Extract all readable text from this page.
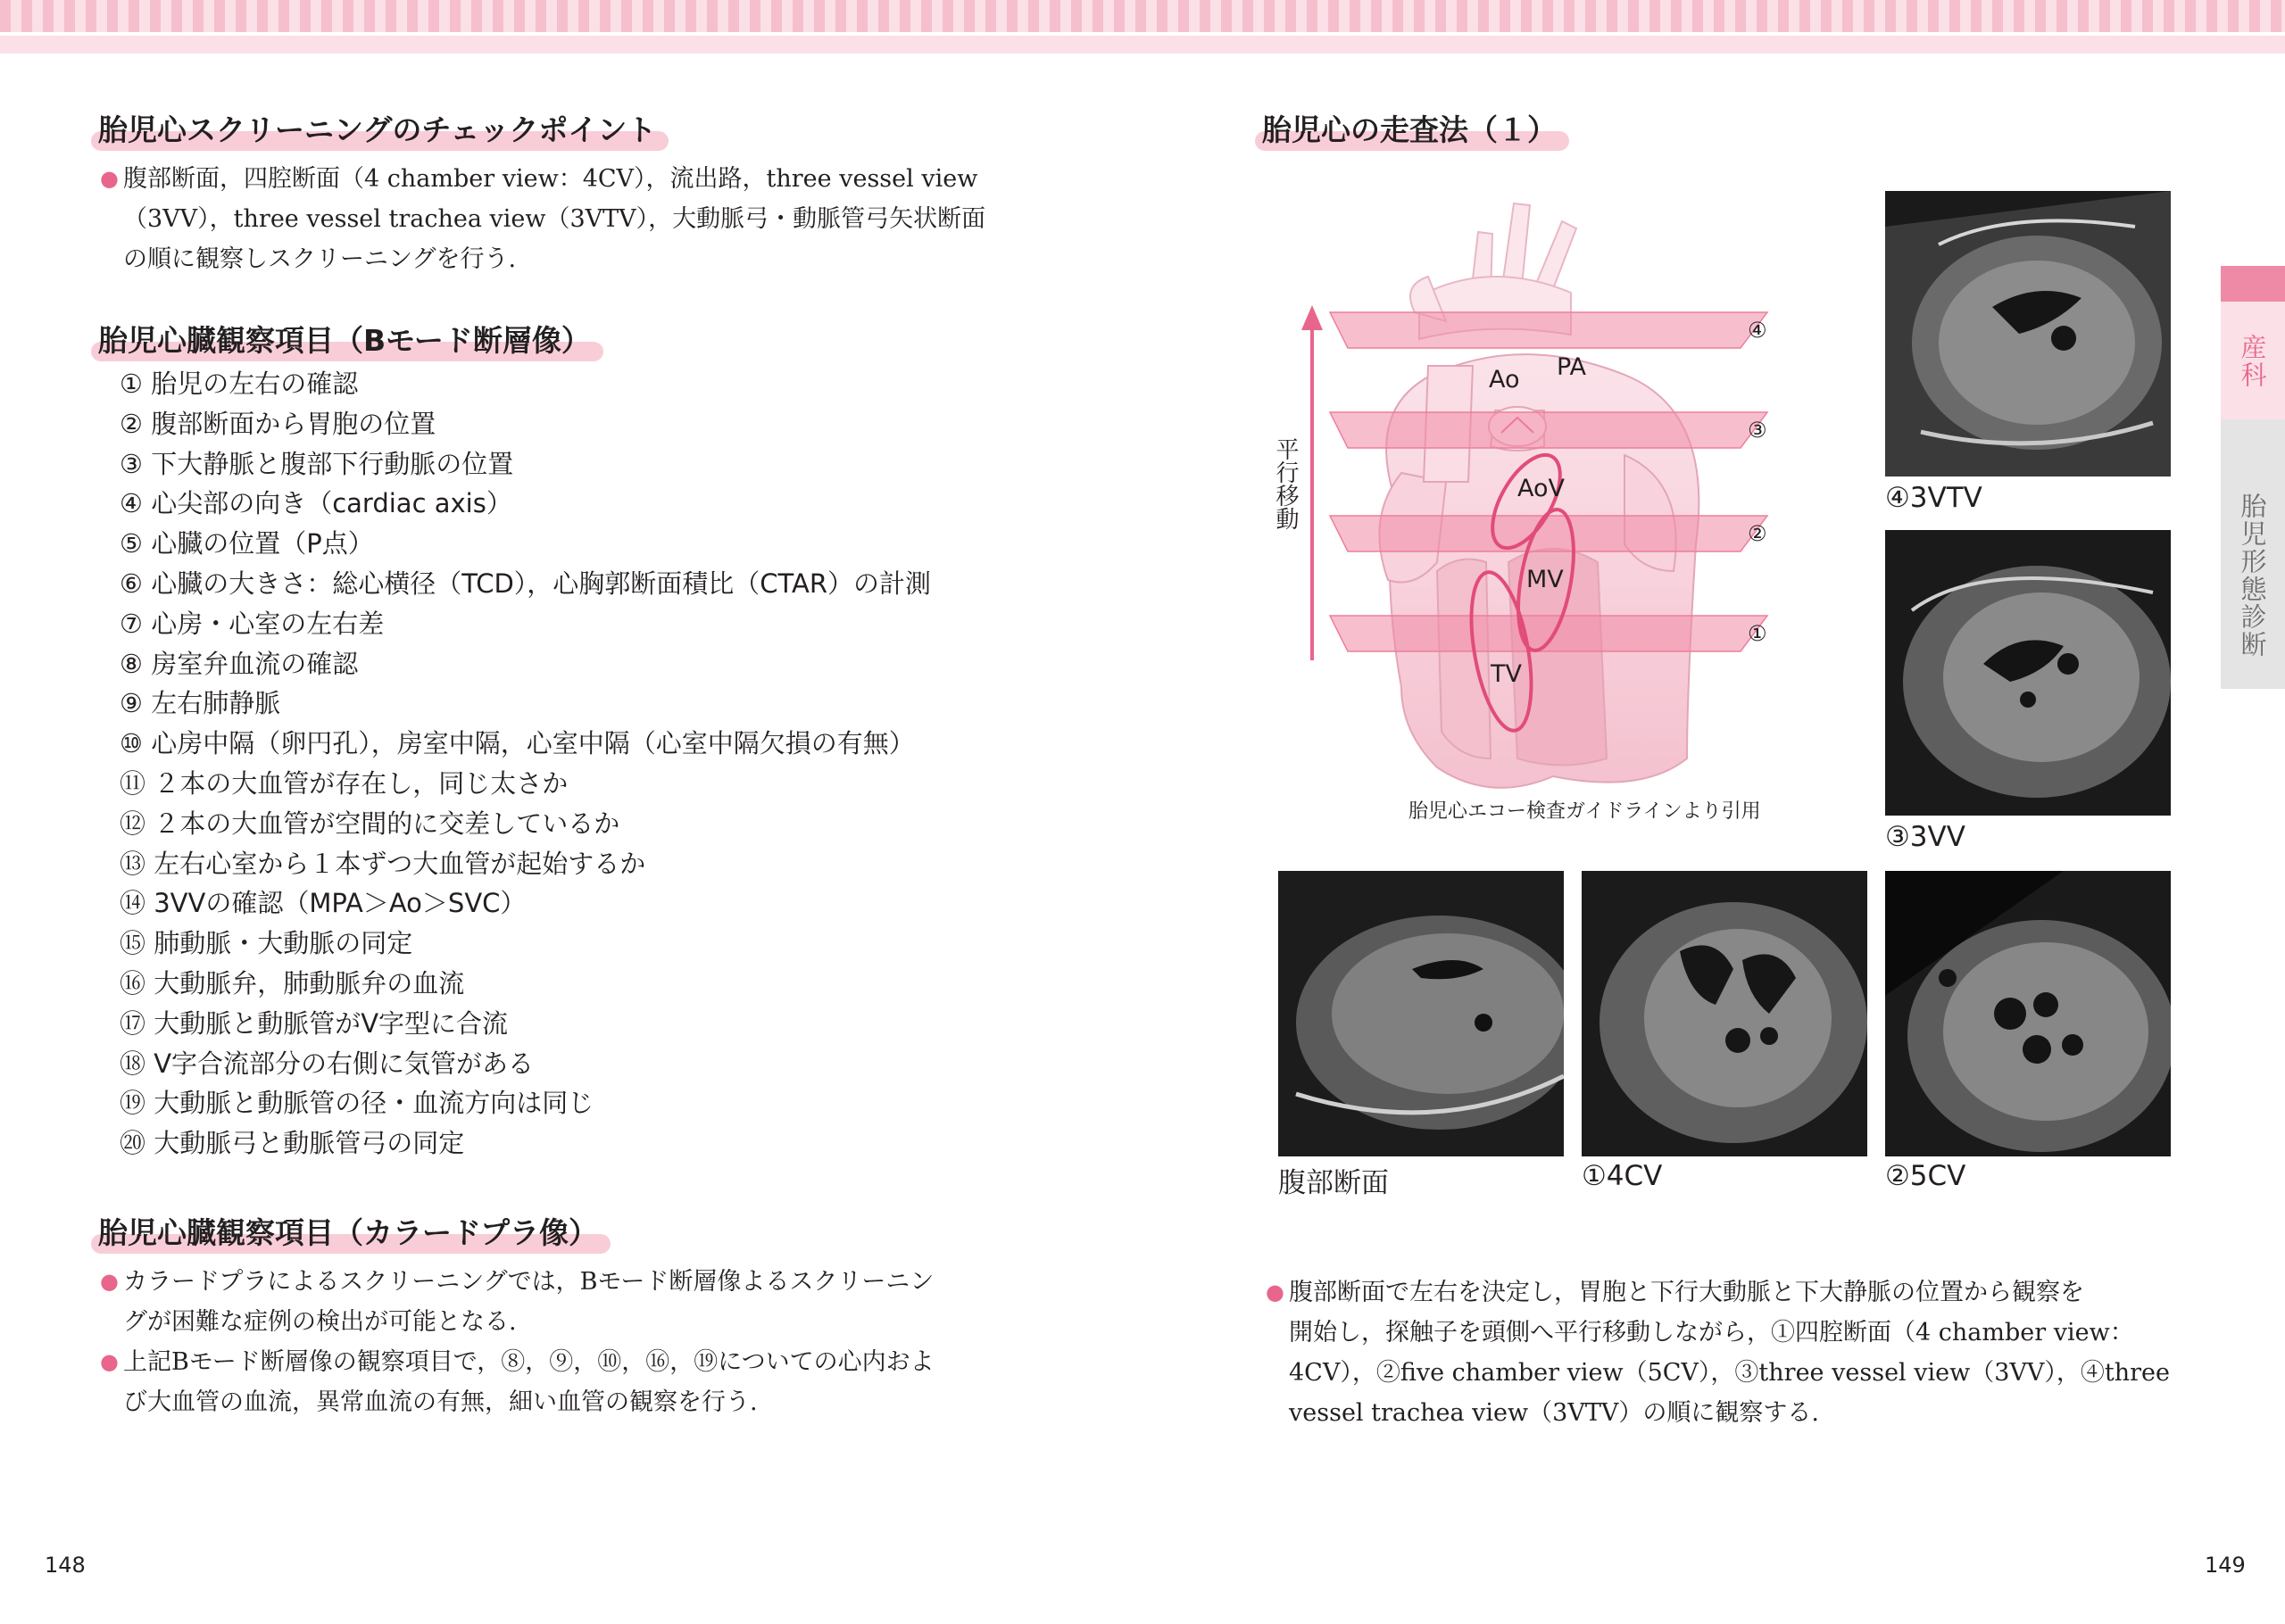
胎児心スクリーニングのチェックポイント
● 腹部断面，四腔断面（4 chamber view：4CV），流出路，three vessel view
（3VV），three vessel trachea view（3VTV），大動脈弓・動脈管弓矢状断面
の順に観察しスクリーニングを行う.
胎児心臓観察項目（Bモード断層像）
① 胎児の左右の確認
② 腹部断面から胃胞の位置
③ 下大静脈と腹部下行動脈の位置
④ 心尖部の向き（cardiac axis）
⑤ 心臓の位置（P点）
⑥ 心臓の大きさ：総心横径（TCD），心胸郭断面積比（CTAR）の計測
⑦ 心房・心室の左右差
⑧ 房室弁血流の確認
⑨ 左右肺静脈
⑩ 心房中隔（卵円孔），房室中隔，心室中隔（心室中隔欠損の有無）
⑪ ２本の大血管が存在し，同じ太さか
⑫ ２本の大血管が空間的に交差しているか
⑬ 左右心室から１本ずつ大血管が起始するか
⑭ 3VVの確認（MPA＞Ao＞SVC）
⑮ 肺動脈・大動脈の同定
⑯ 大動脈弁，肺動脈弁の血流
⑰ 大動脈と動脈管がV字型に合流
⑱ V字合流部分の右側に気管がある
⑲ 大動脈と動脈管の径・血流方向は同じ
⑳ 大動脈弓と動脈管弓の同定
胎児心臓観察項目（カラードプラ像）
● カラードプラによるスクリーニングでは，Bモード断層像よるスクリーニン
グが困難な症例の検出が可能となる.
● 上記Bモード断層像の観察項目で，⑧，⑨，⑩，⑯，⑲についての心内およ
び大血管の血流，異常血流の有無，細い血管の観察を行う.
148
胎児心の走査法（１）
Ao PA
AoV
MV
TV
④
③
②
①
平行移動
胎児心エコー検査ガイドラインより引用
④3VTV
③3VV
腹部断面	①4CV	②5CV
● 腹部断面で左右を決定し，胃胞と下行大動脈と下大静脈の位置から観察を
開始し，探触子を頭側へ平行移動しながら，①四腔断面（4 chamber view：
4CV），②five chamber view（5CV），③three vessel view（3VV），④three
vessel trachea view（3VTV）の順に観察する.
産科
胎児形態診断
149
